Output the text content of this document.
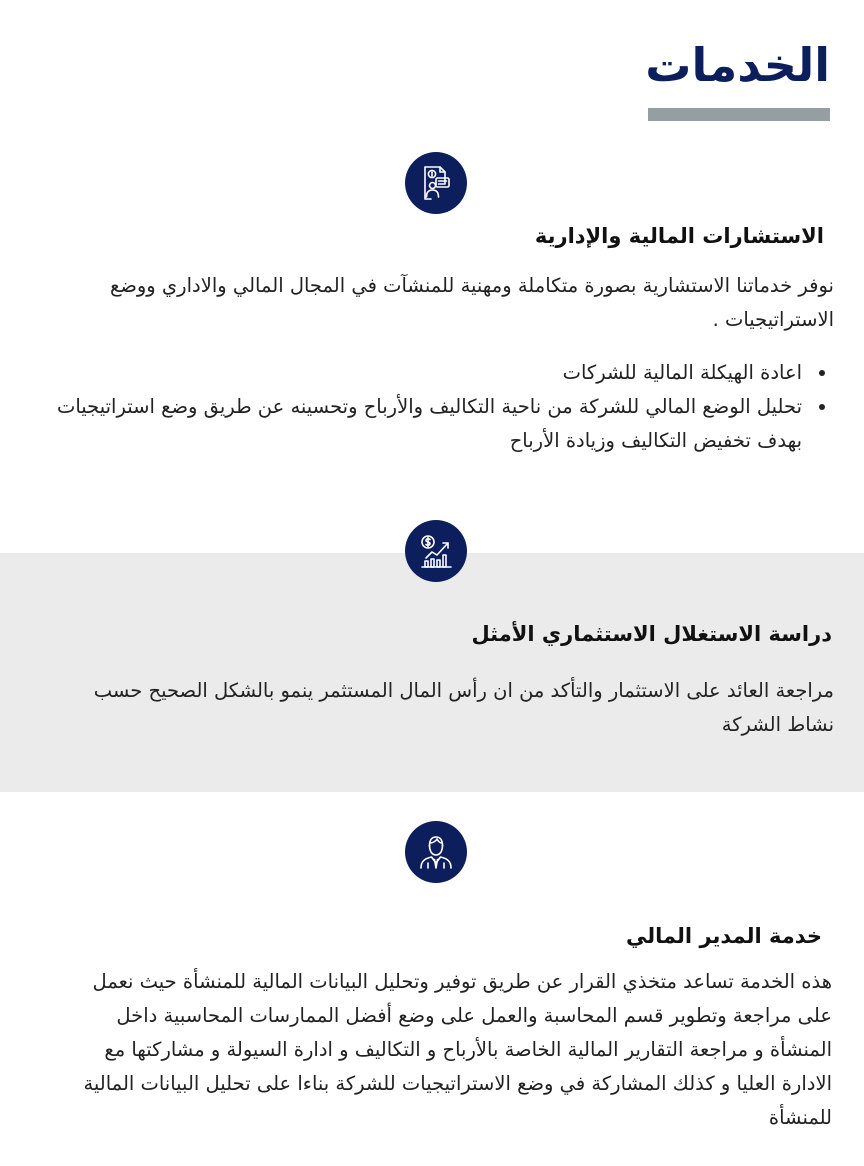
الخدمات
الاستشارات المالية والإدارية

نوفر خدماتنا الاستشارية بصورة متكاملة ومهنية للمنشآت في المجال المالي والاداري ووضع الاستراتيجيات .

• اعادة الهيكلة المالية للشركات
• تحليل الوضع المالي للشركة من ناحية التكاليف والأرباح وتحسينه عن طريق وضع استراتيجيات بهدف تخفيض التكاليف وزيادة الأرباح
دراسة الاستغلال الاستثماري الأمثل

مراجعة العائد على الاستثمار والتأكد من ان رأس المال المستثمر ينمو بالشكل الصحيح حسب نشاط الشركة

خدمة المدير المالي

هذه الخدمة تساعد متخذي القرار عن طريق توفير وتحليل البيانات المالية للمنشأة حيث نعمل على مراجعة وتطوير قسم المحاسبة والعمل على وضع أفضل الممارسات المحاسبية داخل المنشأة و مراجعة التقارير المالية الخاصة بالأرباح و التكاليف و ادارة السيولة و مشاركتها مع الادارة العليا و كذلك المشاركة في وضع الاستراتيجيات للشركة بناءا على تحليل البيانات المالية للمنشأة
